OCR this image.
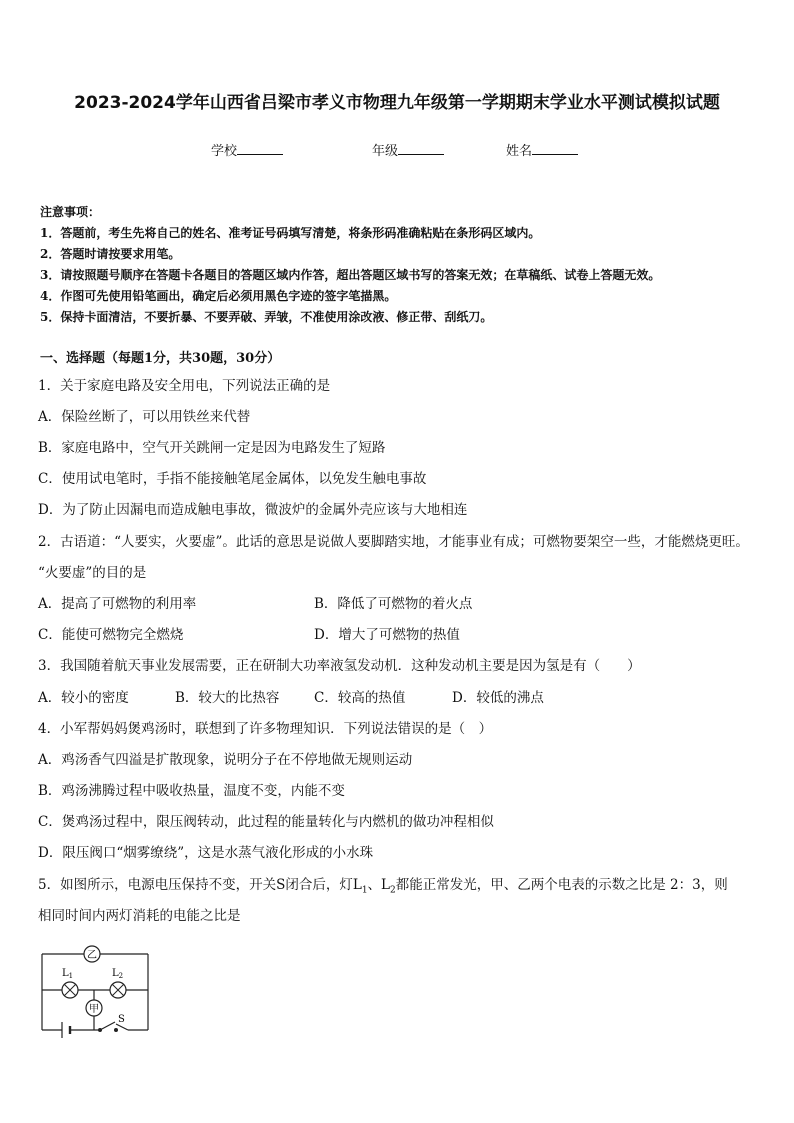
2023-2024学年山西省吕梁市孝义市物理九年级第一学期期末学业水平测试模拟试题
学校	年级	姓名
注意事项：
1．答题前，考生先将自己的姓名、准考证号码填写清楚，将条形码准确粘贴在条形码区域内。
2．答题时请按要求用笔。
3．请按照题号顺序在答题卡各题目的答题区域内作答，超出答题区域书写的答案无效；在草稿纸、试卷上答题无效。
4．作图可先使用铅笔画出，确定后必须用黑色字迹的签字笔描黑。
5．保持卡面清洁，不要折暴、不要弄破、弄皱，不准使用涂改液、修正带、刮纸刀。
一、选择题（每题1分，共30题，30分）
1．关于家庭电路及安全用电，下列说法正确的是
A．保险丝断了，可以用铁丝来代替
B．家庭电路中，空气开关跳闸一定是因为电路发生了短路
C．使用试电笔时，手指不能接触笔尾金属体，以免发生触电事故
D．为了防止因漏电而造成触电事故，微波炉的金属外壳应该与大地相连
2．古语道：“人要实，火要虚”。此话的意思是说做人要脚踏实地，才能事业有成；可燃物要架空一些，才能燃烧更旺。
“火要虚”的目的是
A．提高了可燃物的利用率	B．降低了可燃物的着火点
C．能使可燃物完全燃烧	D．增大了可燃物的热值
3．我国随着航天事业发展需要，正在研制大功率液氢发动机．这种发动机主要是因为氢是有（　　）
A．较小的密度	B．较大的比热容	C．较高的热值	D．较低的沸点
4．小军帮妈妈煲鸡汤时，联想到了许多物理知识．下列说法错误的是（　）
A．鸡汤香气四溢是扩散现象，说明分子在不停地做无规则运动
B．鸡汤沸腾过程中吸收热量，温度不变，内能不变
C．煲鸡汤过程中，限压阀转动，此过程的能量转化与内燃机的做功冲程相似
D．限压阀口“烟雾缭绕”，这是水蒸气液化形成的小水珠
5．如图所示，电源电压保持不变，开关S闭合后，灯$L_1$、$L_2$都能正常发光，甲、乙两个电表的示数之比是 2：3，则
相同时间内两灯消耗的电能之比是
S
乙
甲
$L_1$	$L_2$
